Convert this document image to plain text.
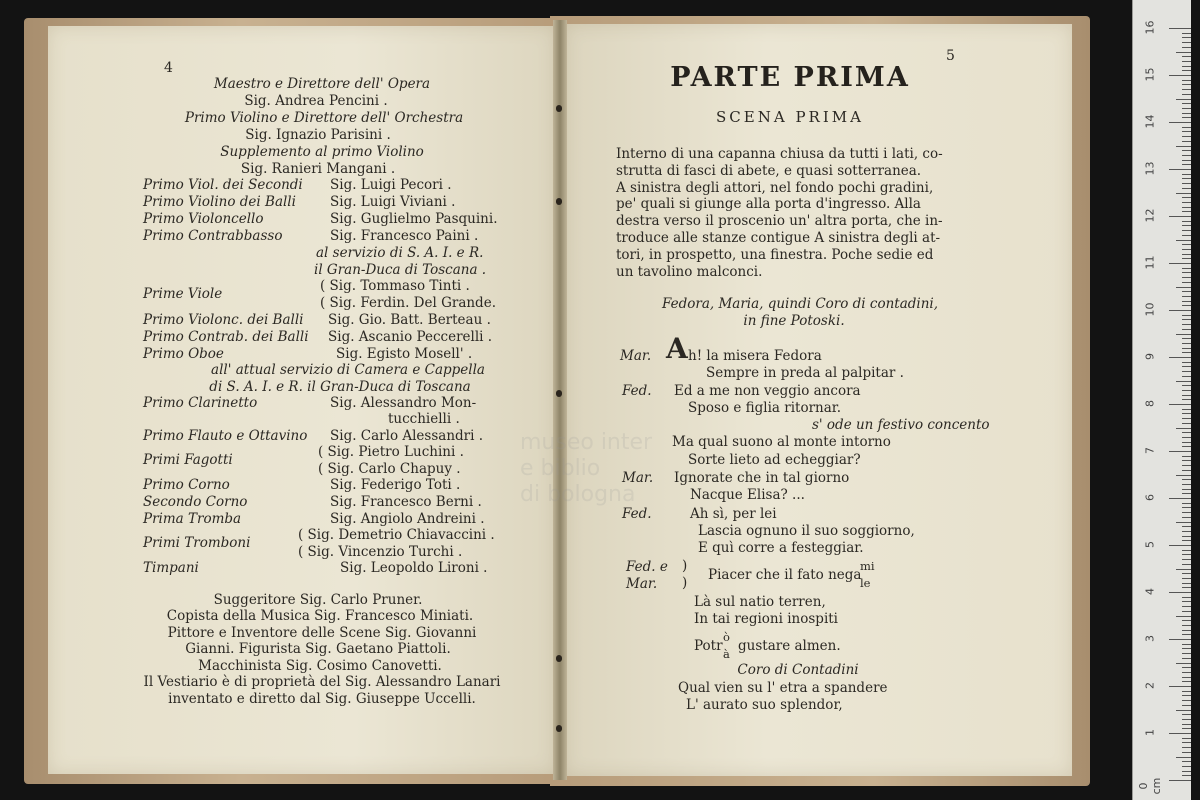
museo inter
e biblio
di bologna
4
Maestro e Direttore dell' Opera
Sig. Andrea Pencini .
Primo Violino e Direttore dell' Orchestra
Sig. Ignazio Parisini .
Supplemento al primo Violino
Sig. Ranieri Mangani .
Primo Viol. dei Secondi Sig. Luigi Pecori .
Primo Violino dei Balli	Sig. Luigi Viviani .
Primo Violoncello	Sig. Guglielmo Pasquini.
Primo Contrabbasso	Sig. Francesco Paini .
al servizio di S. A. I. e R.
il Gran-Duca di Toscana .
( Sig. Tommaso Tinti .
Prime Viole
( Sig. Ferdin. Del Grande.
Primo Violonc. dei Balli Sig. Gio. Batt. Berteau .
Primo Contrab. dei Balli Sig. Ascanio Peccerelli .
Primo Oboe	Sig. Egisto Mosell' .
all' attual servizio di Camera e Cappella
di S. A. I. e R. il Gran-Duca di Toscana
Primo Clarinetto	Sig. Alessandro Mon-
tucchielli .
Primo Flauto e Ottavino Sig. Carlo Alessandri .
( Sig. Pietro Luchini .
Primi Fagotti
( Sig. Carlo Chapuy .
Primo Corno	Sig. Federigo Toti .
Secondo Corno	Sig. Francesco Berni .
Prima Tromba	Sig. Angiolo Andreini .
( Sig. Demetrio Chiavaccini .
Primi Tromboni
( Sig. Vincenzio Turchi .
Timpani	Sig. Leopoldo Lironi .
Suggeritore Sig. Carlo Pruner.
Copista della Musica Sig. Francesco Miniati.
Pittore e Inventore delle Scene Sig. Giovanni
Gianni. Figurista Sig. Gaetano Piattoli.
Macchinista Sig. Cosimo Canovetti.
Il Vestiario è di proprietà del Sig. Alessandro Lanari
inventato e diretto dal Sig. Giuseppe Uccelli.
5
PARTE PRIMA
SCENA PRIMA
Interno di una capanna chiusa da tutti i lati, co-
strutta di fasci di abete, e quasi sotterranea.
A sinistra degli attori, nel fondo pochi gradini,
pe' quali si giunge alla porta d'ingresso. Alla
destra verso il proscenio un' altra porta, che in-
troduce alle stanze contigue A sinistra degli at-
tori, in prospetto, una finestra. Poche sedie ed
un tavolino malconci.
Fedora, Maria, quindi Coro di contadini,
in fine Potoski.
Mar. A h! la misera Fedora
Sempre in preda al palpitar .
Fed. Ed a me non veggio ancora
Sposo e figlia ritornar.
s' ode un festivo concento
Ma qual suono al monte intorno
Sorte lieto ad echeggiar?
Mar. Ignorate che in tal giorno
Nacque Elisa? ...
Fed.	Ah sì, per lei
Lascia ognuno il suo soggiorno,
E quì corre a festeggiar.
Fed. e
Mar.
)
) Piacer che il fato nega
mi
le
Là sul natio terren,
In tai regioni inospiti
Potr
ò
à gustare almen.
Coro di Contadini
Qual vien su l' etra a spandere
L' aurato suo splendor,
16
15
14
13
12
11
10
9
8
7
6
5
4
3
2
1
0 cm
